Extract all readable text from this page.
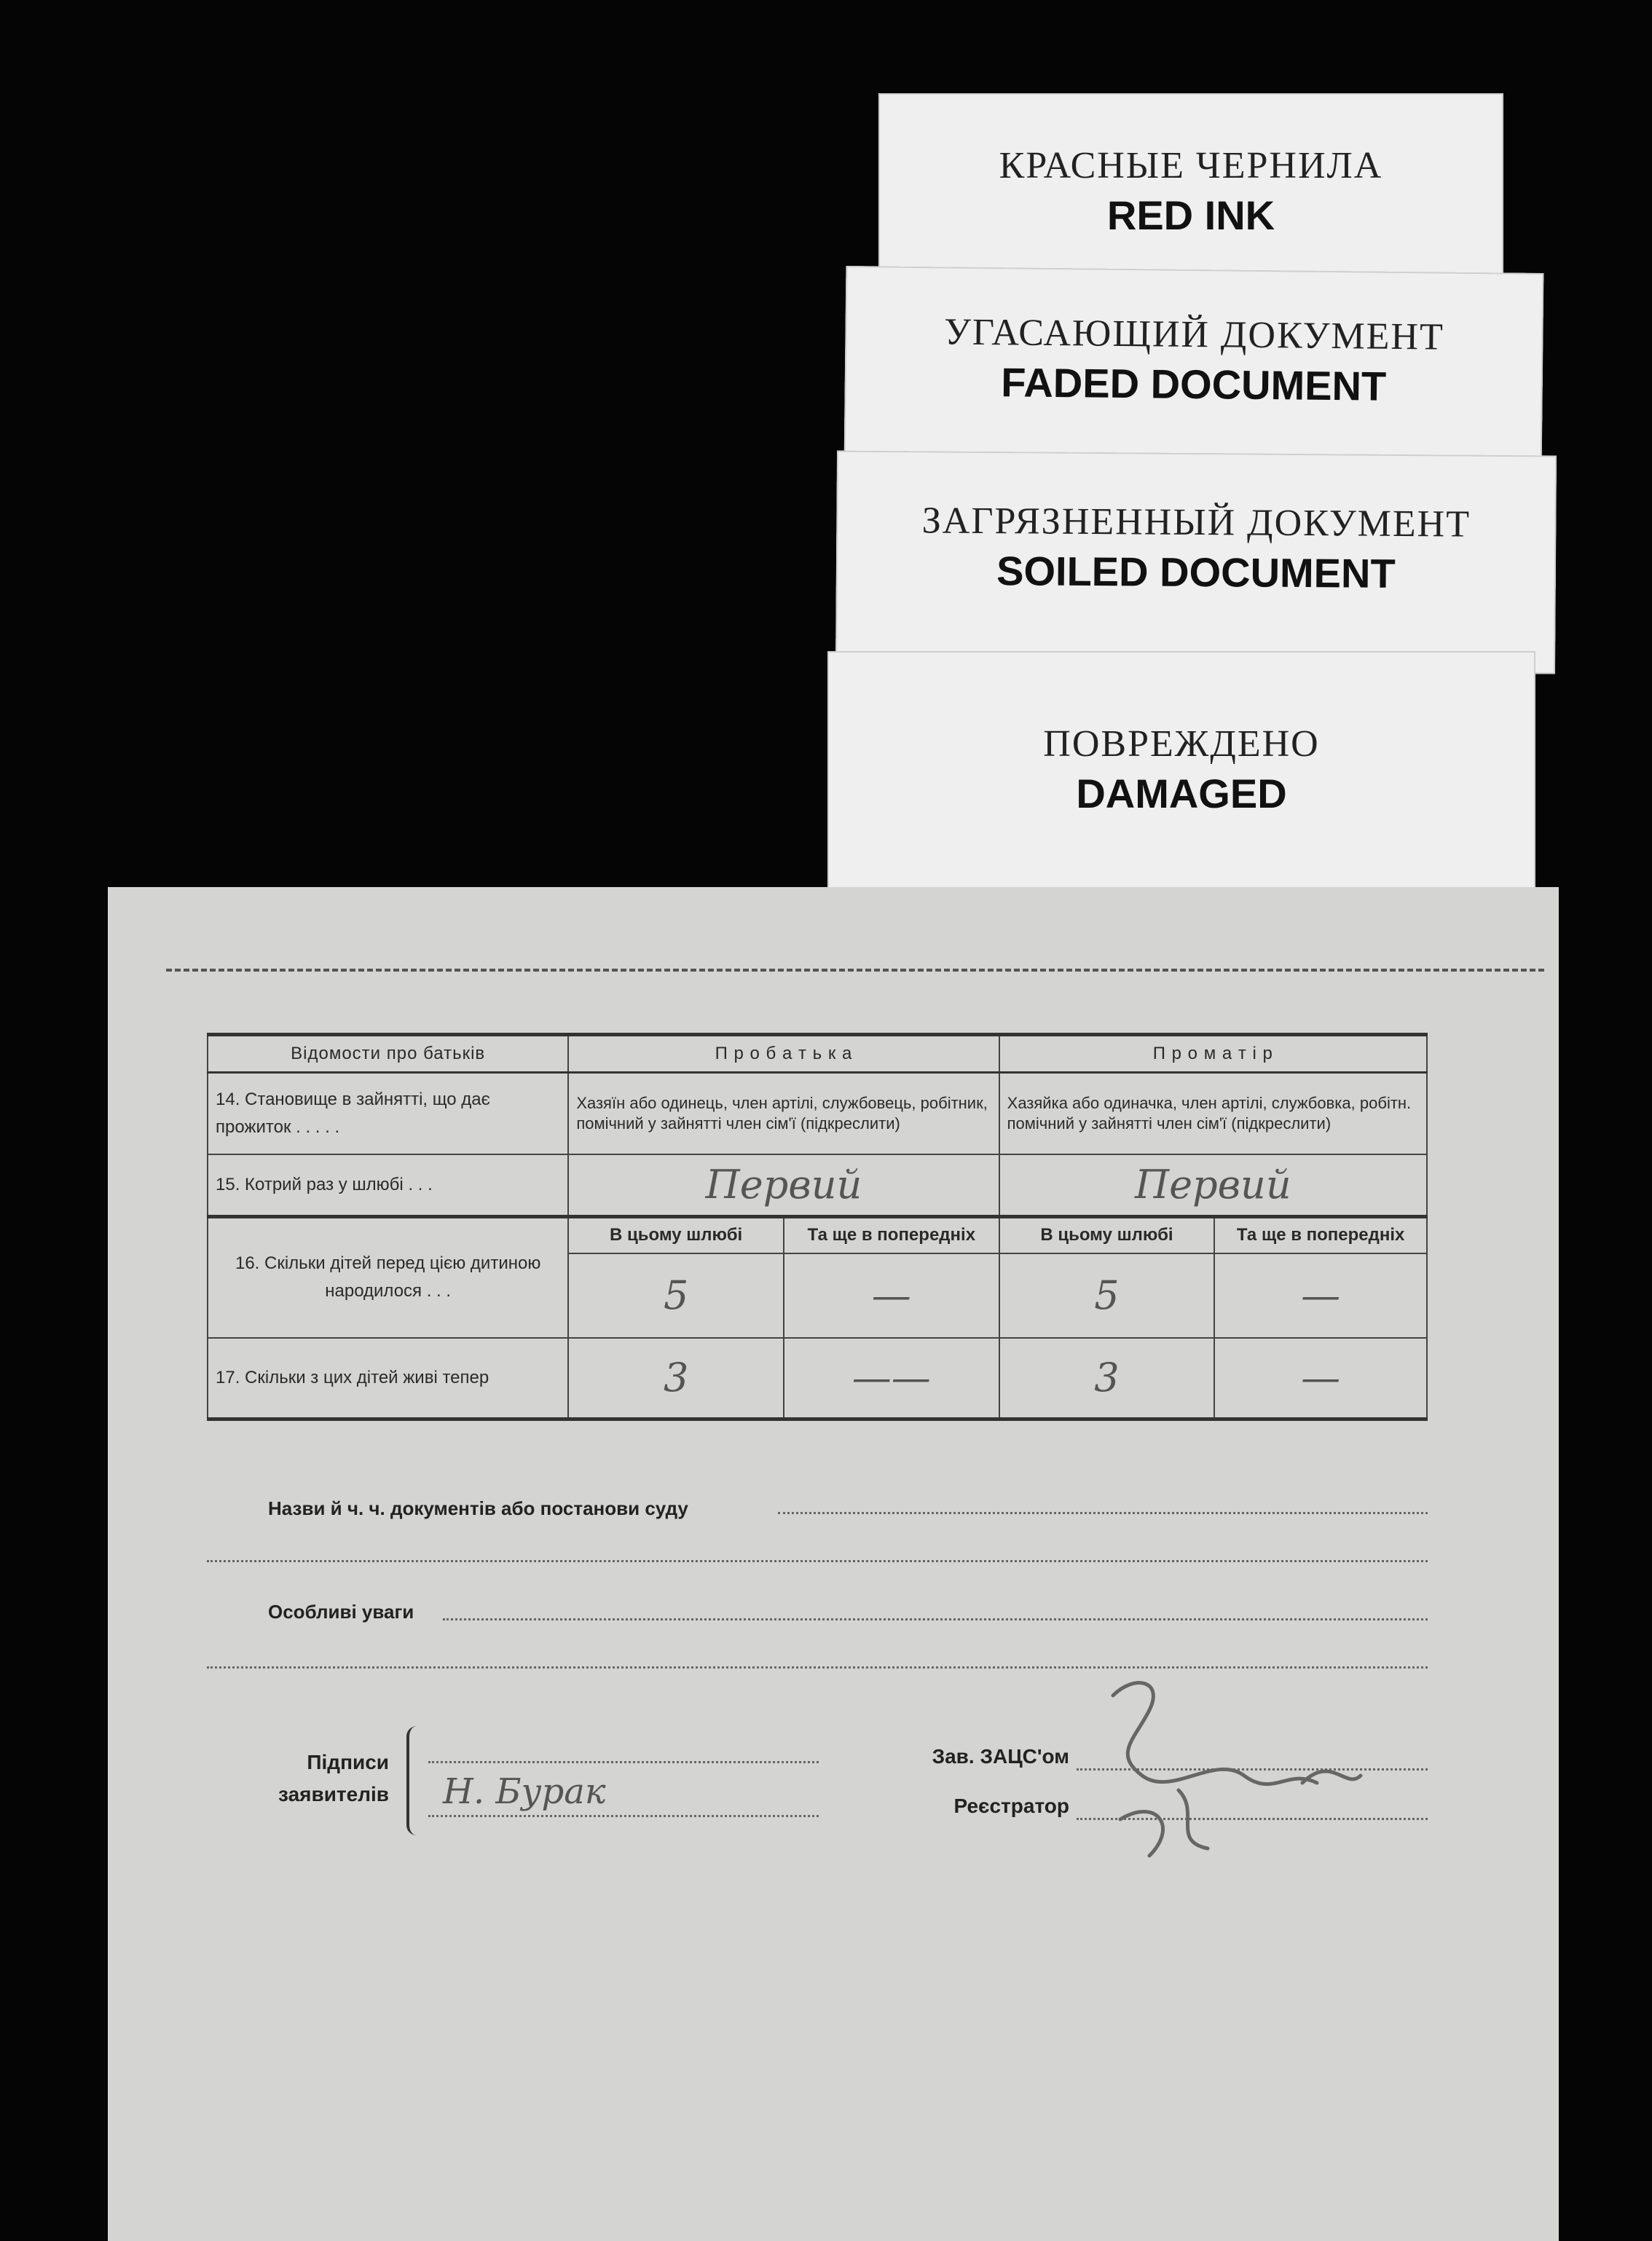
КРАСНЫЕ ЧЕРНИЛА
RED INK
УГАСАЮЩИЙ ДОКУМЕНТ
FADED DOCUMENT
ЗАГРЯЗНЕННЫЙ ДОКУМЕНТ
SOILED DOCUMENT
ПОВРЕЖДЕНО
DAMAGED
Відомости про батьків	П р о б а т ь к а		П р о м а т і р	
14. Становище в зайнятті, що дає прожиток . . . . .	Хазяїн або одинець, член артілі, службовець, робітник, помічний у зайнятті член сім'ї (підкреслити)		Хазяйка або одиначка, член артілі, службовка, робітн. помічний у зайнятті член сім'ї (підкреслити)	
15. Котрий раз у шлюбі . . .	Первий		Первий	
16. Скільки дітей перед цією дитиною народилося . . .	В цьому шлюбі	Та ще в попередніх	В цьому шлюбі	Та ще в попередніх
	5	—	5	—
17. Скільки з цих дітей живі тепер	3	——	3	—
Назви й ч. ч. документів або постанови суду
Особливі уваги
Підписи
заявителів Н. Бурак
Зав. ЗАЦС'ом
Реєстратор
